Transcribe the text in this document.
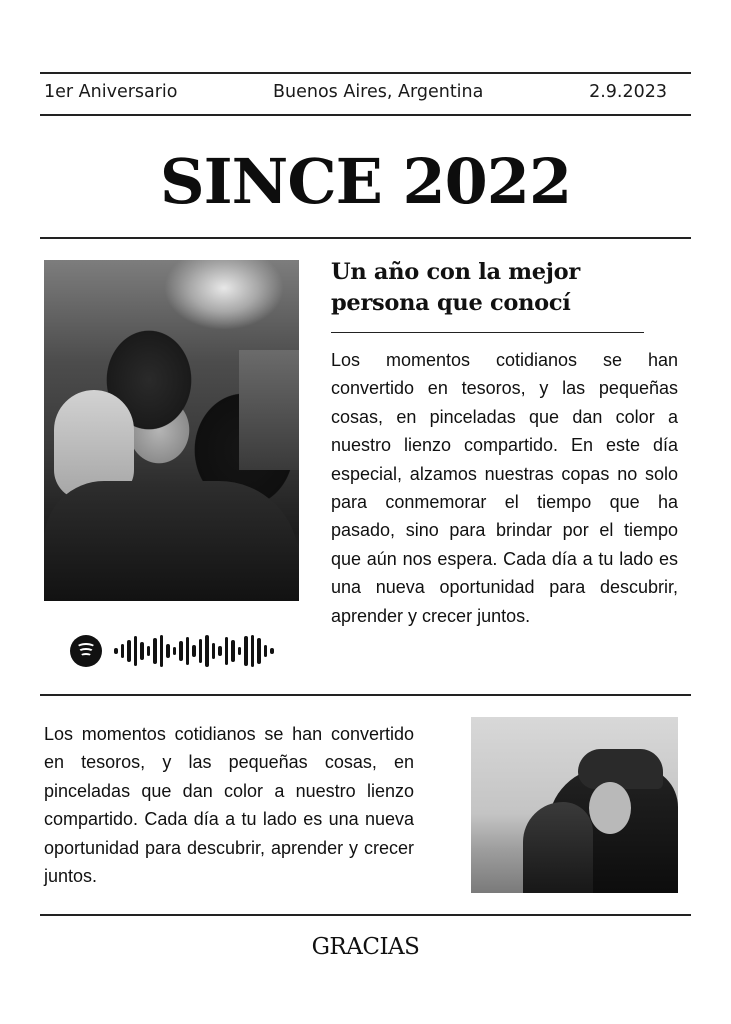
1er Aniversario	Buenos Aires, Argentina	2.9.2023
SINCE 2022
Un año con la mejor persona que conocí

Los momentos cotidianos se han convertido en tesoros, y las pequeñas cosas, en pinceladas que dan color a nuestro lienzo compartido. En este día especial, alzamos nuestras copas no solo para conmemorar el tiempo que ha pasado, sino para brindar por el tiempo que aún nos espera. Cada día a tu lado es una nueva oportunidad para descubrir, aprender y crecer juntos.

Los momentos cotidianos se han convertido en tesoros, y las pequeñas cosas, en pinceladas que dan color a nuestro lienzo compartido. Cada día a tu lado es una nueva oportunidad para descubrir, aprender y crecer juntos.

GRACIAS
